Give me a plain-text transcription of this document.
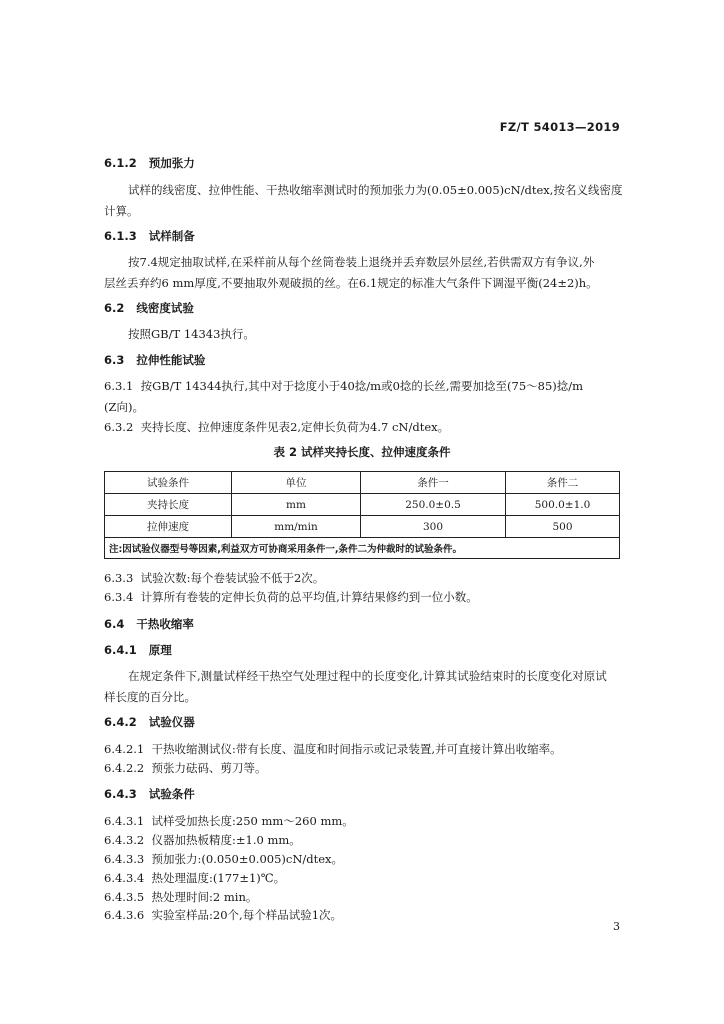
FZ/T 54013—2019
6.1.2 预加张力
试样的线密度、拉伸性能、干热收缩率测试时的预加张力为(0.05±0.005)cN/dtex,按名义线密度
计算。
6.1.3 试样制备
按7.4规定抽取试样,在采样前从每个丝筒卷装上退绕并丢弃数层外层丝,若供需双方有争议,外
层丝丢弃约6 mm厚度,不要抽取外观破损的丝。在6.1规定的标准大气条件下调湿平衡(24±2)h。
6.2 线密度试验
按照GB/T 14343执行。
6.3 拉伸性能试验
6.3.1 按GB/T 14344执行,其中对于捻度小于40捻/m或0捻的长丝,需要加捻至(75～85)捻/m
(Z向)。
6.3.2 夹持长度、拉伸速度条件见表2,定伸长负荷为4.7 cN/dtex。
表 2 试样夹持长度、拉伸速度条件
试验条件	单位	条件一	条件二
夹持长度	mm	250.0±0.5	500.0±1.0
拉伸速度	mm/min	300	500
注:因试验仪器型号等因素,利益双方可协商采用条件一,条件二为仲裁时的试验条件。			
6.3.3 试验次数:每个卷装试验不低于2次。
6.3.4 计算所有卷装的定伸长负荷的总平均值,计算结果修约到一位小数。
6.4 干热收缩率
6.4.1 原理
在规定条件下,测量试样经干热空气处理过程中的长度变化,计算其试验结束时的长度变化对原试
样长度的百分比。
6.4.2 试验仪器
6.4.2.1 干热收缩测试仪:带有长度、温度和时间指示或记录装置,并可直接计算出收缩率。
6.4.2.2 预张力砝码、剪刀等。
6.4.3 试验条件
6.4.3.1 试样受加热长度:250 mm～260 mm。
6.4.3.2 仪器加热板精度:±1.0 mm。
6.4.3.3 预加张力:(0.050±0.005)cN/dtex。
6.4.3.4 热处理温度:(177±1)℃。
6.4.3.5 热处理时间:2 min。
6.4.3.6 实验室样品:20个,每个样品试验1次。
3
